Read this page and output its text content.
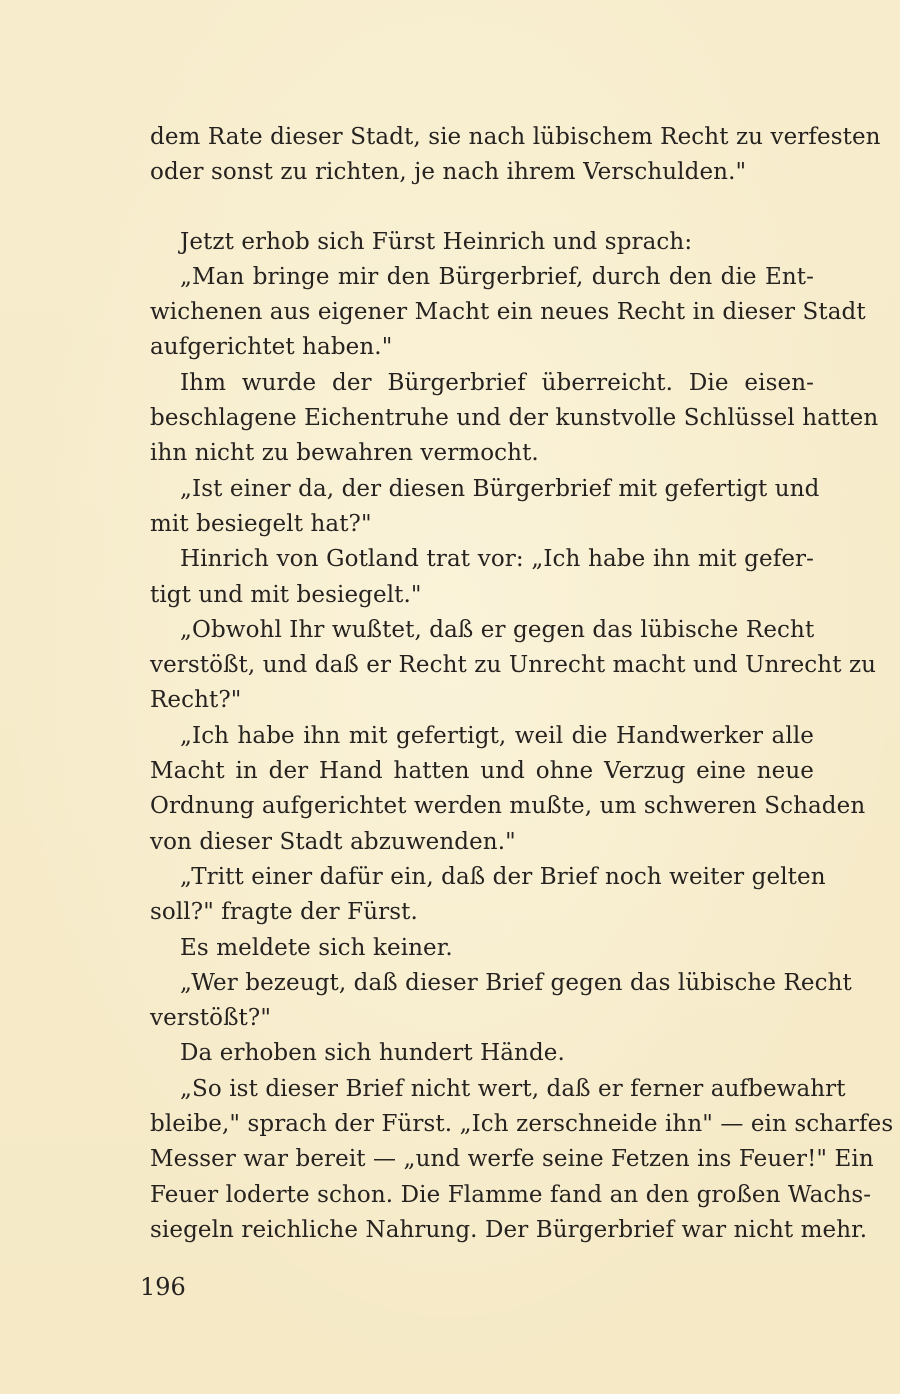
dem Rate dieser Stadt, sie nach lübischem Recht zu verfesten
oder sonst zu richten, je nach ihrem Verschulden."
Jetzt erhob sich Fürst Heinrich und sprach:
„Man bringe mir den Bürgerbrief, durch den die Ent-
wichenen aus eigener Macht ein neues Recht in dieser Stadt
aufgerichtet haben."
Ihm wurde der Bürgerbrief überreicht. Die eisen-
beschlagene Eichentruhe und der kunstvolle Schlüssel hatten
ihn nicht zu bewahren vermocht.
„Ist einer da, der diesen Bürgerbrief mit gefertigt und
mit besiegelt hat?"
Hinrich von Gotland trat vor: „Ich habe ihn mit gefer-
tigt und mit besiegelt."
„Obwohl Ihr wußtet, daß er gegen das lübische Recht
verstößt, und daß er Recht zu Unrecht macht und Unrecht zu
Recht?"
„Ich habe ihn mit gefertigt, weil die Handwerker alle
Macht in der Hand hatten und ohne Verzug eine neue
Ordnung aufgerichtet werden mußte, um schweren Schaden
von dieser Stadt abzuwenden."
„Tritt einer dafür ein, daß der Brief noch weiter gelten
soll?" fragte der Fürst.
Es meldete sich keiner.
„Wer bezeugt, daß dieser Brief gegen das lübische Recht
verstößt?"
Da erhoben sich hundert Hände.
„So ist dieser Brief nicht wert, daß er ferner aufbewahrt
bleibe," sprach der Fürst. „Ich zerschneide ihn" — ein scharfes
Messer war bereit — „und werfe seine Fetzen ins Feuer!" Ein
Feuer loderte schon. Die Flamme fand an den großen Wachs-
siegeln reichliche Nahrung. Der Bürgerbrief war nicht mehr.
196
